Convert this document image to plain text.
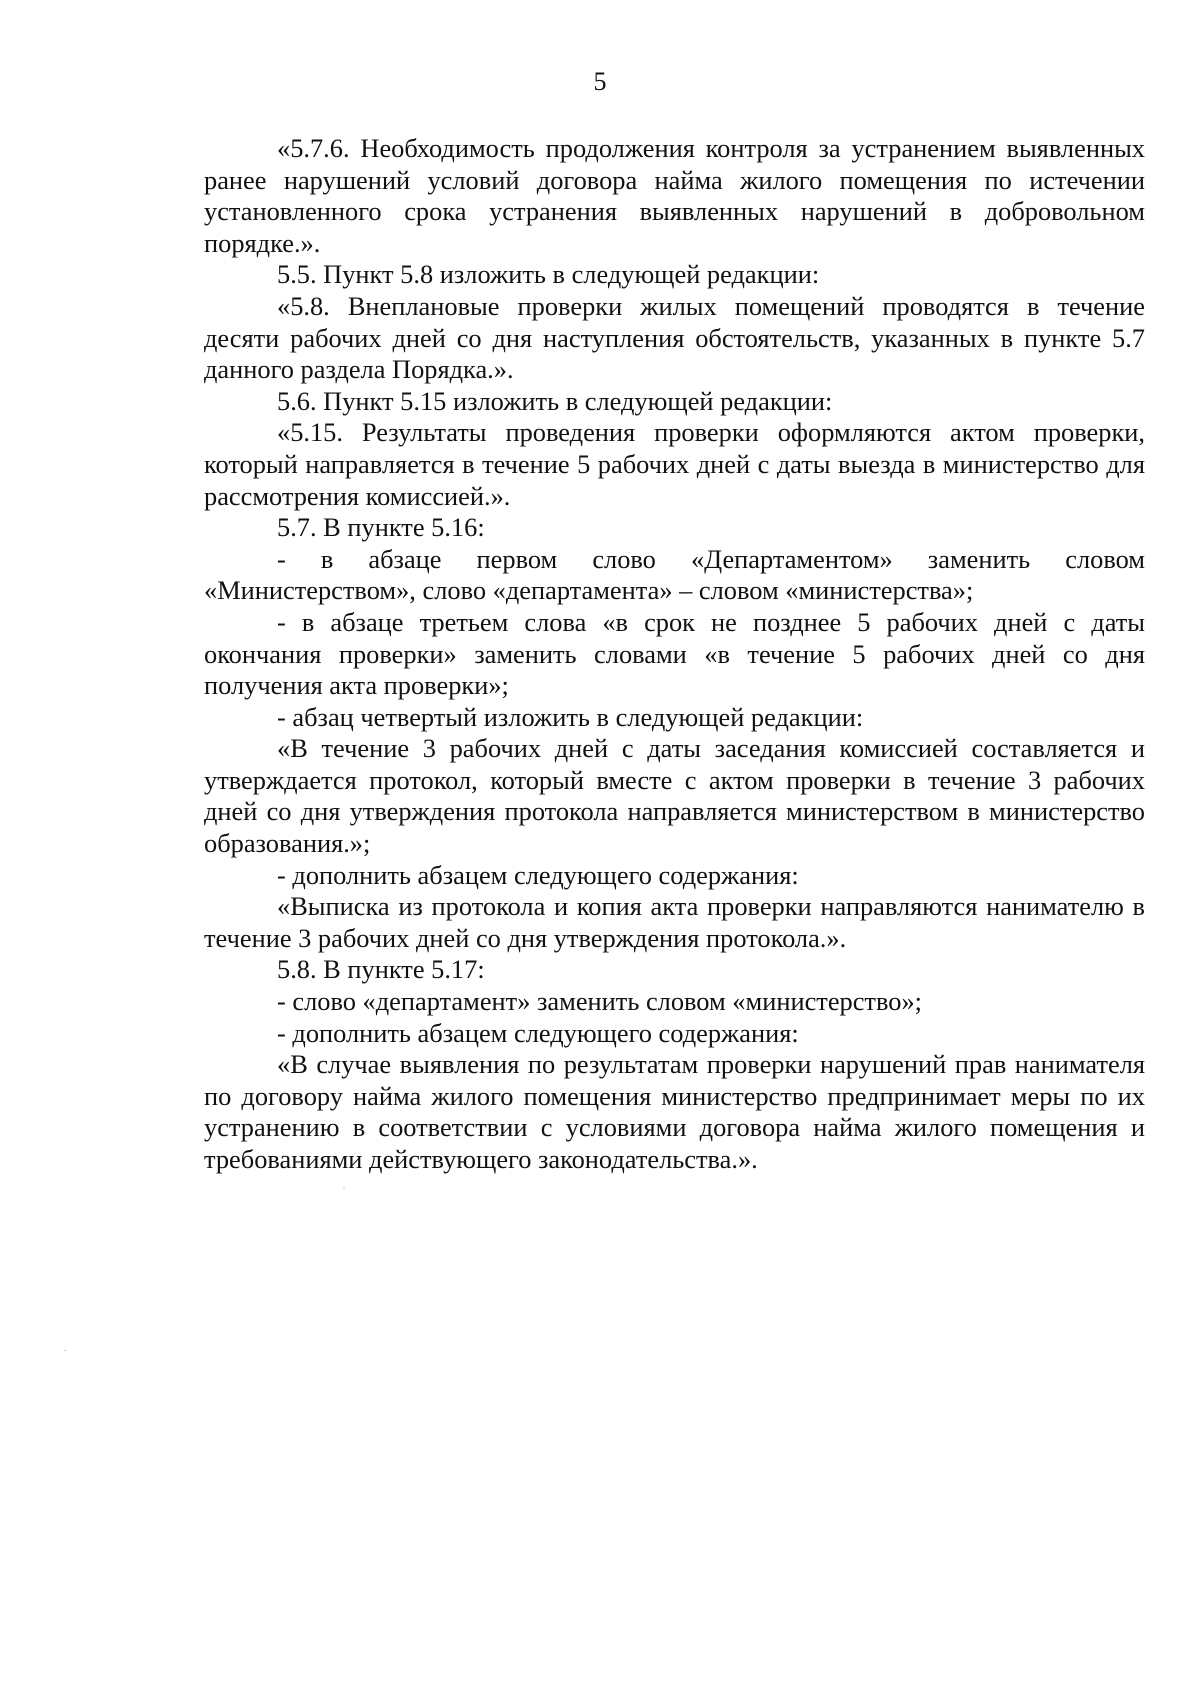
5

«5.7.6. Необходимость продолжения контроля за устранением выявленных ранее нарушений условий договора найма жилого помещения по истечении установленного срока устранения выявленных нарушений в добровольном порядке.».

5.5. Пункт 5.8 изложить в следующей редакции:

«5.8. Внеплановые проверки жилых помещений проводятся в течение десяти рабочих дней со дня наступления обстоятельств, указанных в пункте 5.7 данного раздела Порядка.».

5.6. Пункт 5.15 изложить в следующей редакции:

«5.15. Результаты проведения проверки оформляются актом проверки, который направляется в течение 5 рабочих дней с даты выезда в министерство для рассмотрения комиссией.».

5.7. В пункте 5.16:

- в абзаце первом слово «Департаментом» заменить словом «Министерством», слово «департамента» – словом «министерства»;

- в абзаце третьем слова «в срок не позднее 5 рабочих дней с даты окончания проверки» заменить словами «в течение 5 рабочих дней со дня получения акта проверки»;

- абзац четвертый изложить в следующей редакции:

«В течение 3 рабочих дней с даты заседания комиссией составляется и утверждается протокол, который вместе с актом проверки в течение 3 рабочих дней со дня утверждения протокола направляется министерством в министерство образования.»;

- дополнить абзацем следующего содержания:

«Выписка из протокола и копия акта проверки направляются нанимателю в течение 3 рабочих дней со дня утверждения протокола.».

5.8. В пункте 5.17:

- слово «департамент» заменить словом «министерство»;

- дополнить абзацем следующего содержания:

«В случае выявления по результатам проверки нарушений прав нанимателя по договору найма жилого помещения министерство предпринимает меры по их устранению в соответствии с условиями договора найма жилого помещения и требованиями действующего законодательства.».
